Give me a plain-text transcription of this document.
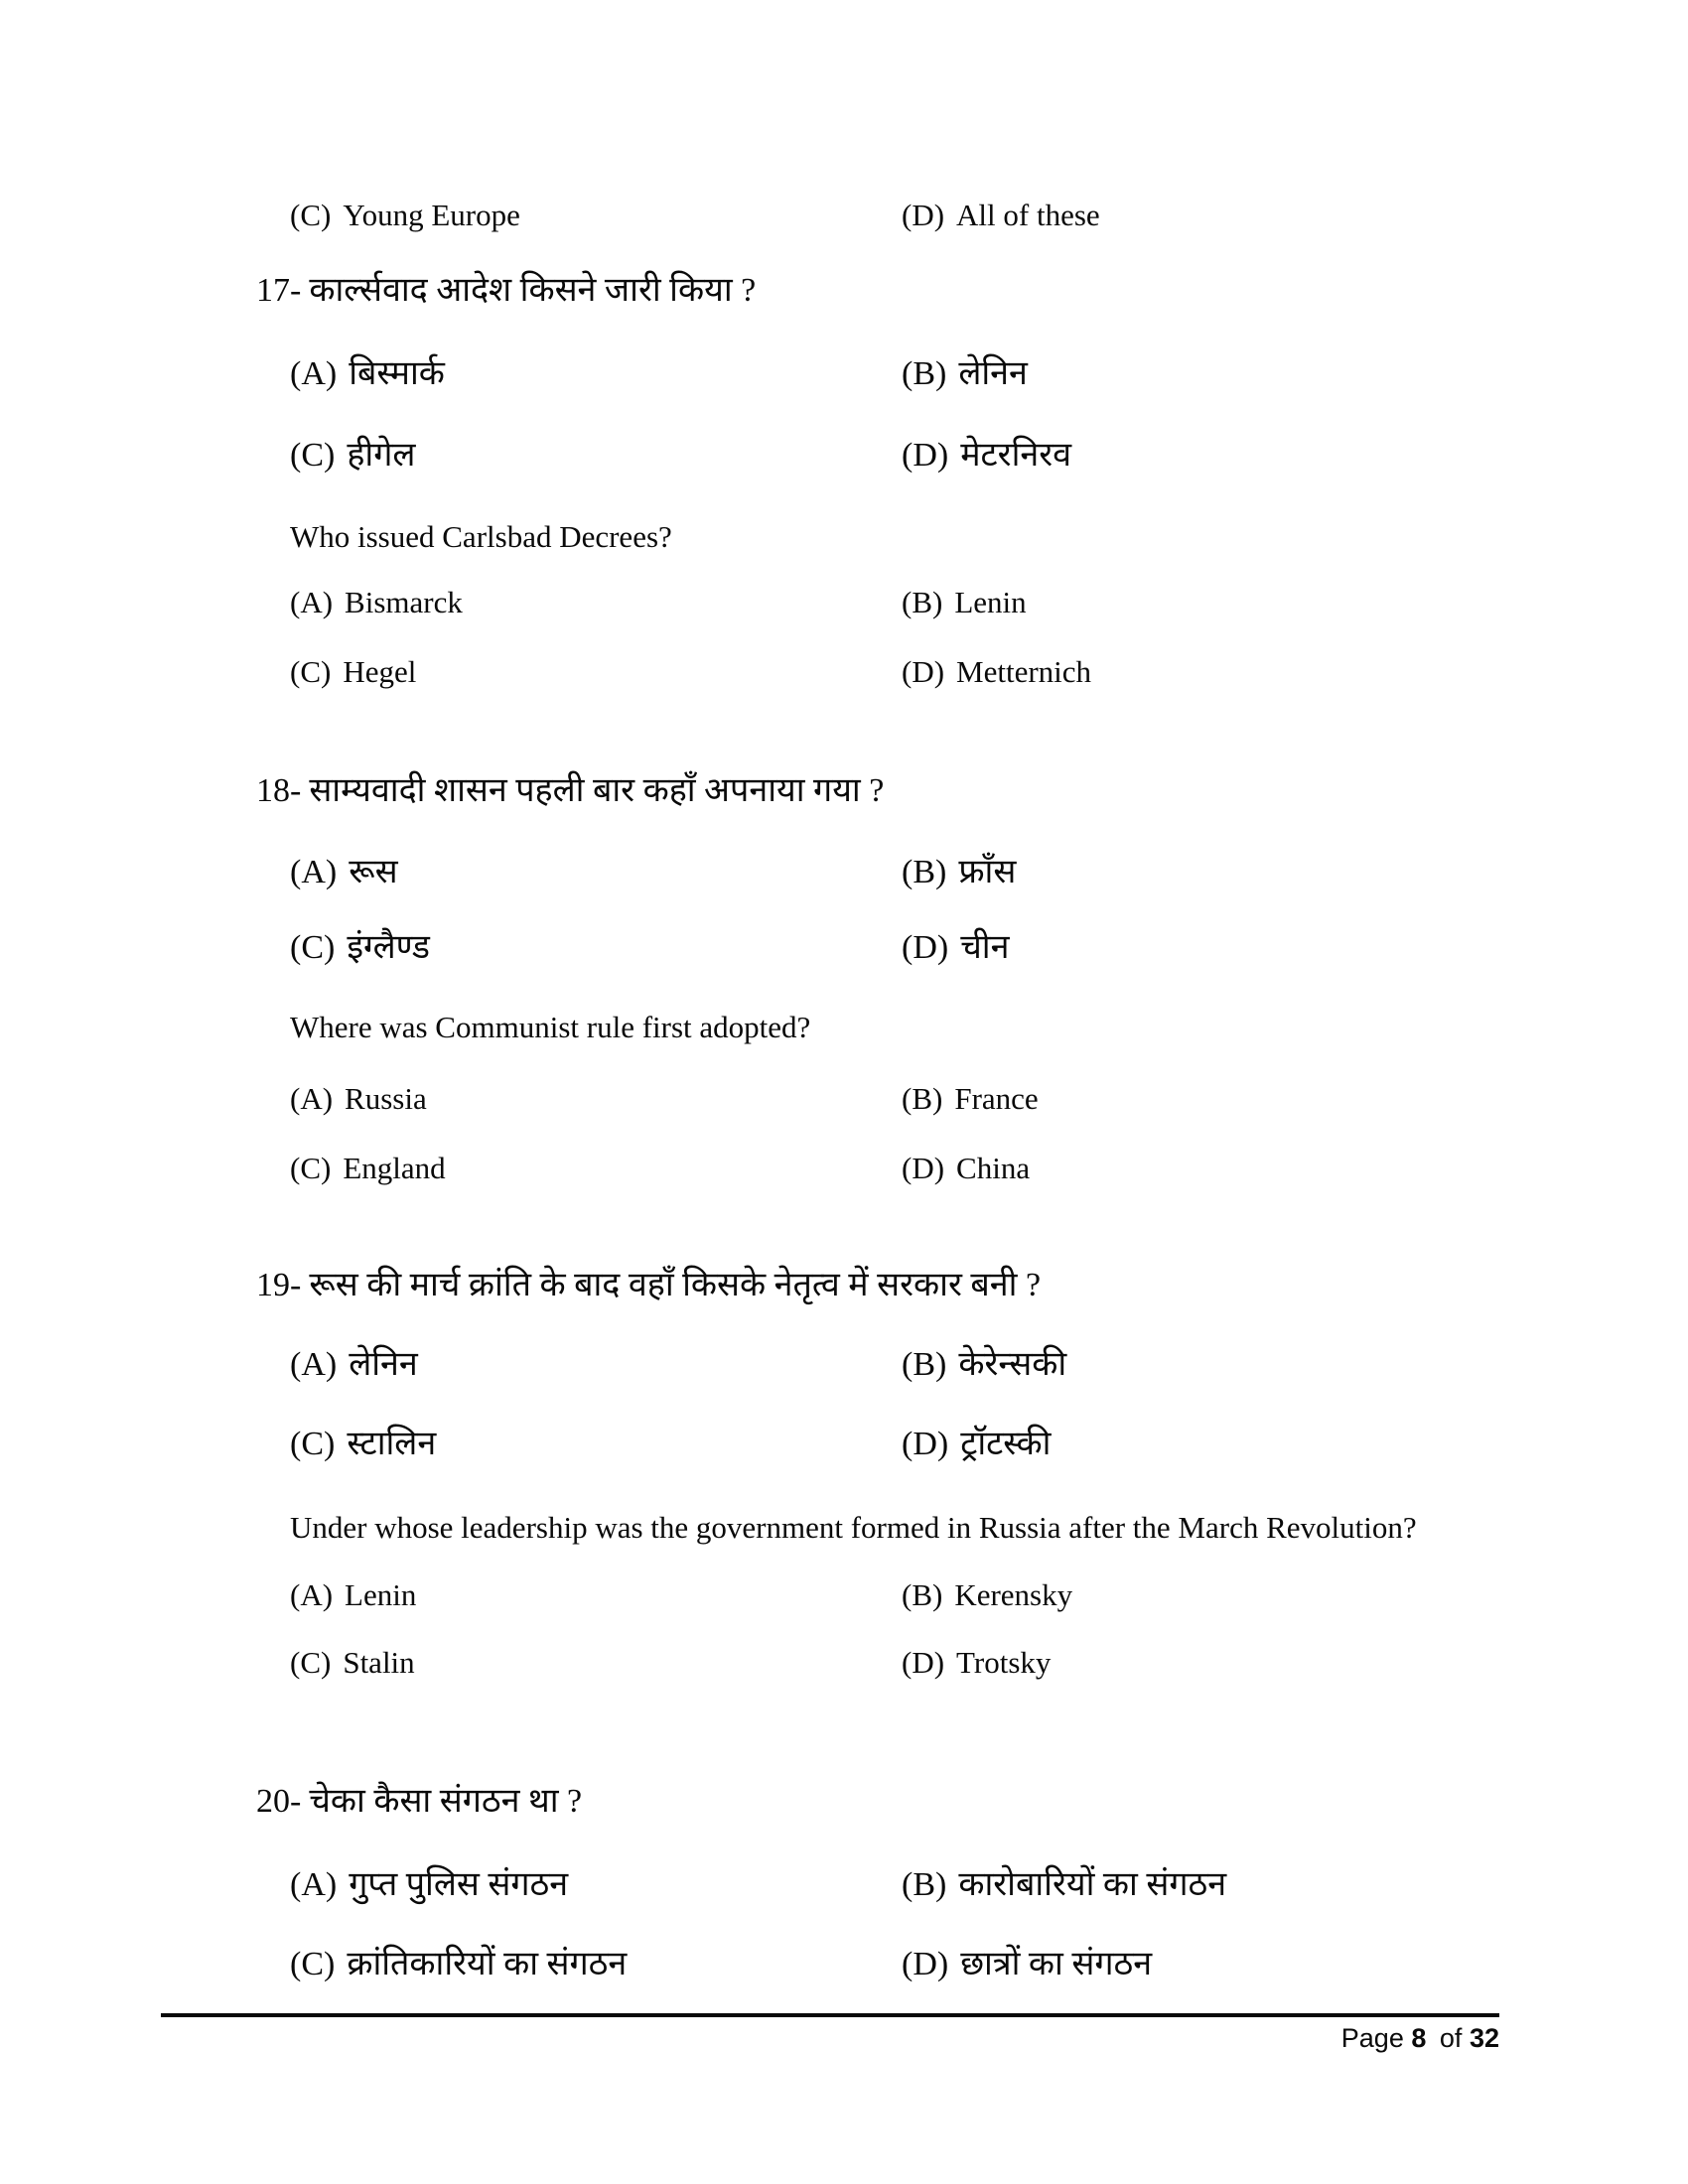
(C) Young Europe	(D) All of these
17- कार्ल्सवाद आदेश किसने जारी किया ?
(A) बिस्मार्क	(B) लेनिन
(C) हीगेल	(D) मेटरनिरव
Who issued Carlsbad Decrees?
(A) Bismarck	(B) Lenin
(C) Hegel	(D) Metternich
18- साम्यवादी शासन पहली बार कहाँ अपनाया गया ?
(A) रूस	(B) फ्राँस
(C) इंग्लैण्ड	(D) चीन
Where was Communist rule first adopted?
(A) Russia	(B) France
(C) England	(D) China
19- रूस की मार्च क्रांति के बाद वहाँ किसके नेतृत्व में सरकार बनी ?
(A) लेनिन	(B) केरेन्सकी
(C) स्टालिन	(D) ट्रॉटस्की
Under whose leadership was the government formed in Russia after the March Revolution?
(A) Lenin	(B) Kerensky
(C) Stalin	(D) Trotsky
20- चेका कैसा संगठन था ?
(A) गुप्त पुलिस संगठन	(B) कारोबारियों का संगठन
(C) क्रांतिकारियों का संगठन	(D) छात्रों का संगठन
Page 8 of 32
